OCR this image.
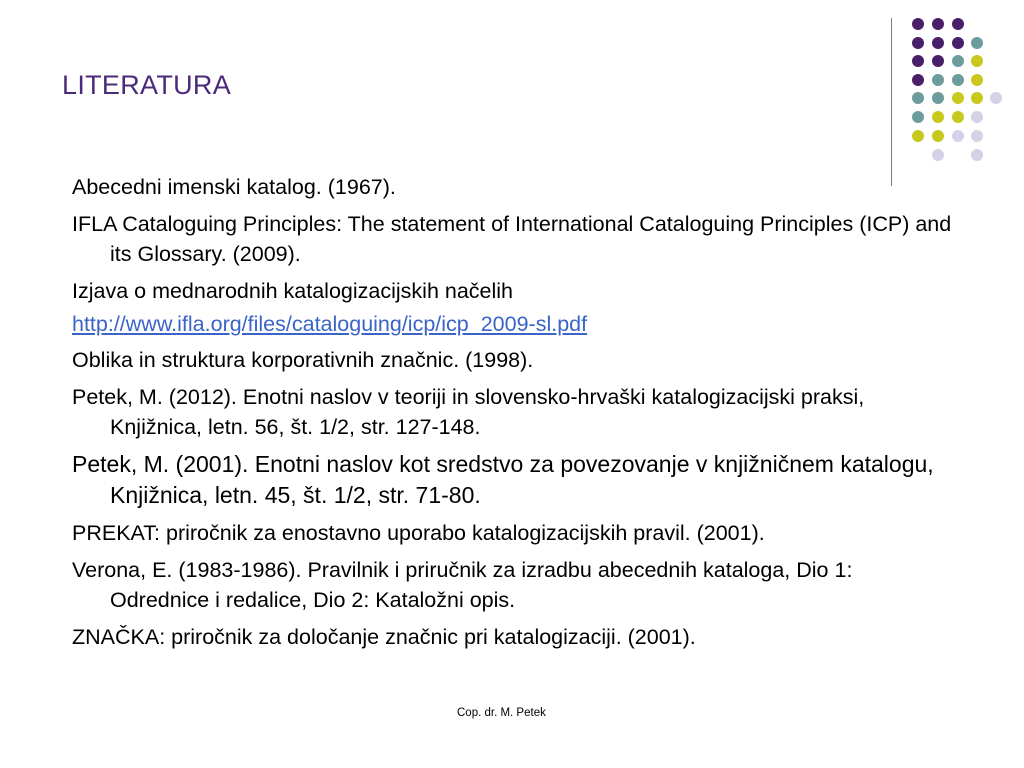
LITERATURA
Abecedni imenski katalog. (1967).
IFLA Cataloguing Principles: The statement of International Cataloguing Principles (ICP) and its Glossary. (2009).
Izjava o mednarodnih katalogizacijskih načelih
http://www.ifla.org/files/cataloguing/icp/icp_2009-sl.pdf
Oblika in struktura korporativnih značnic. (1998).
Petek, M. (2012). Enotni naslov v teoriji in slovensko-hrvaški katalogizacijski praksi, Knjižnica, letn. 56, št. 1/2, str. 127-148.
Petek, M. (2001). Enotni naslov kot sredstvo za povezovanje v knjižničnem katalogu, Knjižnica, letn. 45, št. 1/2, str. 71-80.
PREKAT: priročnik za enostavno uporabo katalogizacijskih pravil. (2001).
Verona, E. (1983-1986). Pravilnik i priručnik za izradbu abecednih kataloga, Dio 1: Odrednice i redalice, Dio 2: Kataložni opis.
ZNAČKA: priročnik za določanje značnic pri katalogizaciji. (2001).
Cop. dr. M. Petek
